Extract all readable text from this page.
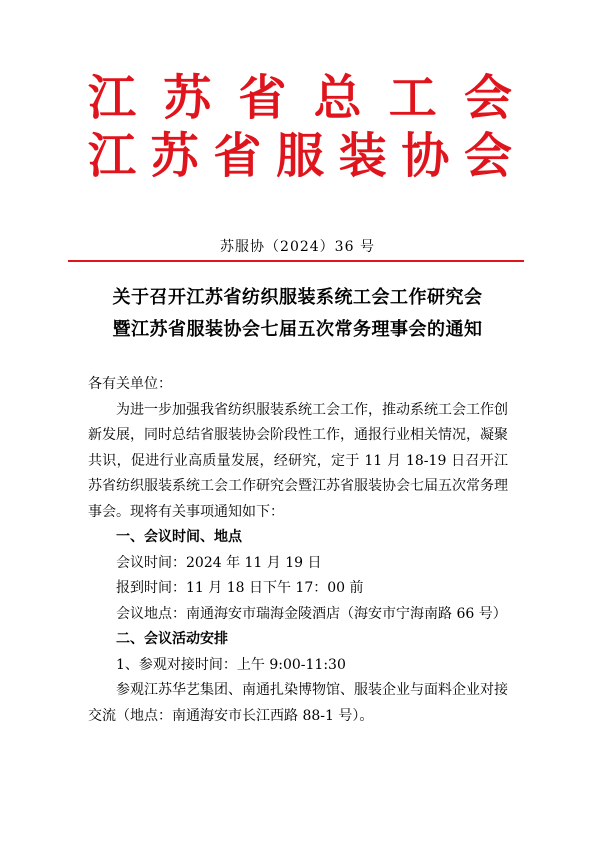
江苏省总工会
江苏省服装协会
苏服协（2024）36 号
关于召开江苏省纺织服装系统工会工作研究会
暨江苏省服装协会七届五次常务理事会的通知

各有关单位：

为进一步加强我省纺织服装系统工会工作，推动系统工会工作创新发展，同时总结省服装协会阶段性工作，通报行业相关情况，凝聚共识，促进行业高质量发展，经研究，定于 11 月 18-19 日召开江苏省纺织服装系统工会工作研究会暨江苏省服装协会七届五次常务理事会。现将有关事项通知如下：

一、会议时间、地点

会议时间：2024 年 11 月 19 日

报到时间：11 月 18 日下午 17：00 前

会议地点：南通海安市瑞海金陵酒店（海安市宁海南路 66 号）

二、会议活动安排

1、参观对接时间：上午 9:00-11:30

参观江苏华艺集团、南通扎染博物馆、服装企业与面料企业对接交流（地点：南通海安市长江西路 88-1 号）。
